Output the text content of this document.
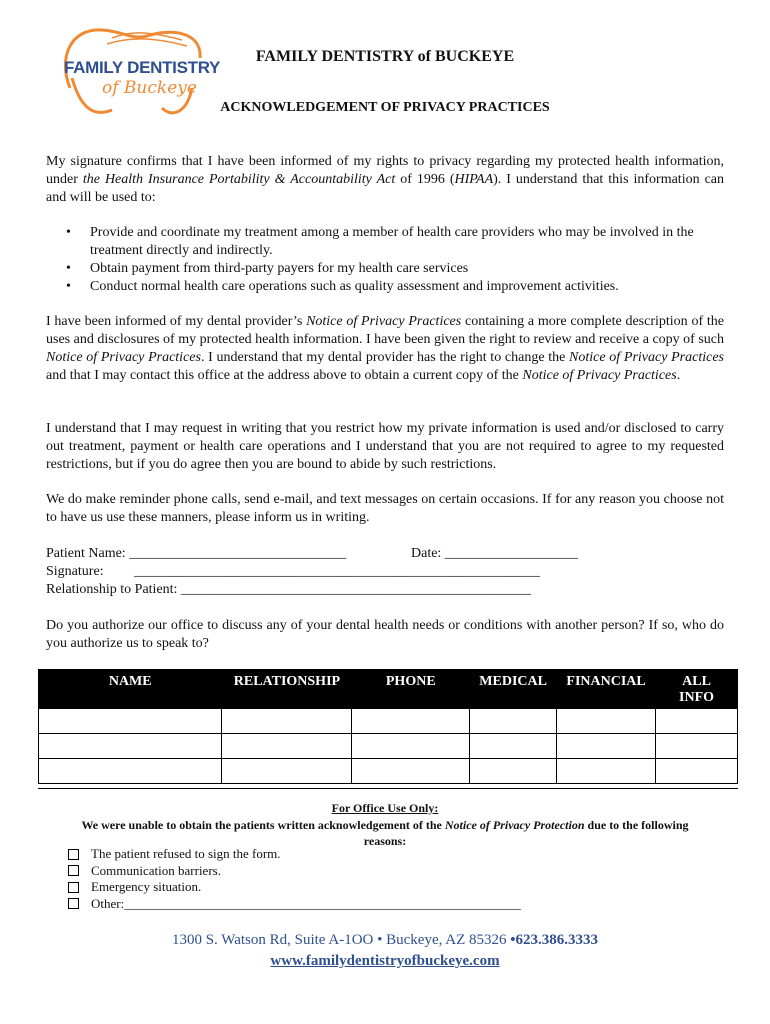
FAMILY DENTISTRY
of Buckeye
FAMILY DENTISTRY of BUCKEYE
ACKNOWLEDGEMENT OF PRIVACY PRACTICES
My signature confirms that I have been informed of my rights to privacy regarding my protected health information, under the Health Insurance Portability & Accountability Act of 1996 (HIPAA). I understand that this information can and will be used to:
• Provide and coordinate my treatment among a member of health care providers who may be involved in the treatment directly and indirectly.
• Obtain payment from third-party payers for my health care services
• Conduct normal health care operations such as quality assessment and improvement activities.
I have been informed of my dental provider’s Notice of Privacy Practices containing a more complete description of the uses and disclosures of my protected health information. I have been given the right to review and receive a copy of such Notice of Privacy Practices. I understand that my dental provider has the right to change the Notice of Privacy Practices and that I may contact this office at the address above to obtain a current copy of the Notice of Privacy Practices.
I understand that I may request in writing that you restrict how my private information is used and/or disclosed to carry out treatment, payment or health care operations and I understand that you are not required to agree to my requested restrictions, but if you do agree then you are bound to abide by such restrictions.
We do make reminder phone calls, send e-mail, and text messages on certain occasions. If for any reason you choose not to have us use these manners, please inform us in writing.
Patient Name: _______________________________	Date: ___________________
Signature: __________________________________________________________
Relationship to Patient: __________________________________________________
Do you authorize our office to discuss any of your dental health needs or conditions with another person? If so, who do you authorize us to speak to?
NAME	RELATIONSHIP	PHONE	MEDICAL	FINANCIAL	ALL INFO

For Office Use Only:
We were unable to obtain the patients written acknowledgement of the Notice of Privacy Protection due to the following reasons:
The patient refused to sign the form.
Communication barriers.
Emergency situation.
Other:_____________________________________________________________
1300 S. Watson Rd, Suite A-1OO • Buckeye, AZ 85326 •623.386.3333
www.familydentistryofbuckeye.com
